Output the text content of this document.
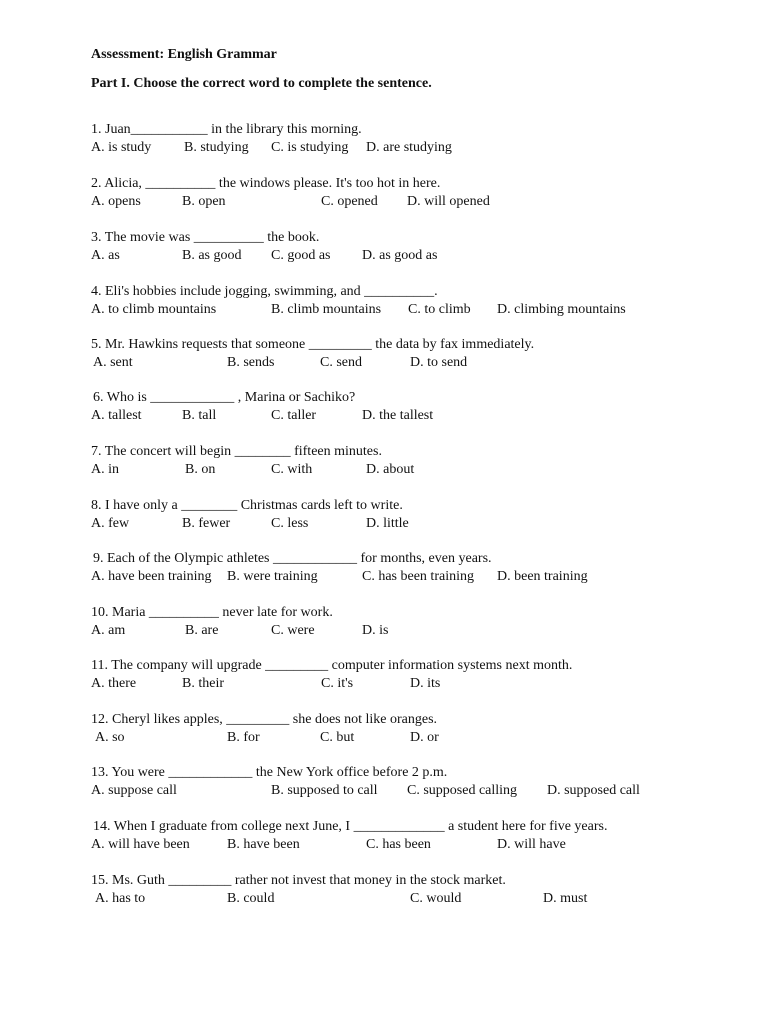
Assessment: English Grammar
Part I. Choose the correct word to complete the sentence.
1. Juan___________ in the library this morning.
A. is study B. studying C. is studying D. are studying
2. Alicia, __________ the windows please. It's too hot in here.
A. opens	B. open	C. opened D. will opened
3. The movie was __________ the book.
A. as	B. as good C. good as D. as good as
4. Eli's hobbies include jogging, swimming, and __________.
A. to climb mountains	B. climb mountains C. to climb D. climbing mountains
5. Mr. Hawkins requests that someone _________ the data by fax immediately.
A. sent	B. sends	C. send	D. to send
6. Who is ____________ , Marina or Sachiko?
A. tallest	B. tall	C. taller	D. the tallest
7. The concert will begin ________ fifteen minutes.
A. in	B. on	C. with	D. about
8. I have only a ________ Christmas cards left to write.
A. few	B. fewer	C. less	D. little
9. Each of the Olympic athletes ____________ for months, even years.
A. have been training B. were training	C. has been training D. been training
10. Maria __________ never late for work.
A. am	B. are	C. were	D. is
11. The company will upgrade _________ computer information systems next month.
A. there	B. their	C. it's	D. its
12. Cheryl likes apples, _________ she does not like oranges.
A. so	B. for	C. but	D. or
13. You were ____________ the New York office before 2 p.m.
A. suppose call	B. supposed to call C. supposed calling D. supposed call
14. When I graduate from college next June, I _____________ a student here for five years.
A. will have been	B. have been	C. has been	D. will have
15. Ms. Guth _________ rather not invest that money in the stock market.
A. has to	B. could	C. would	D. must
